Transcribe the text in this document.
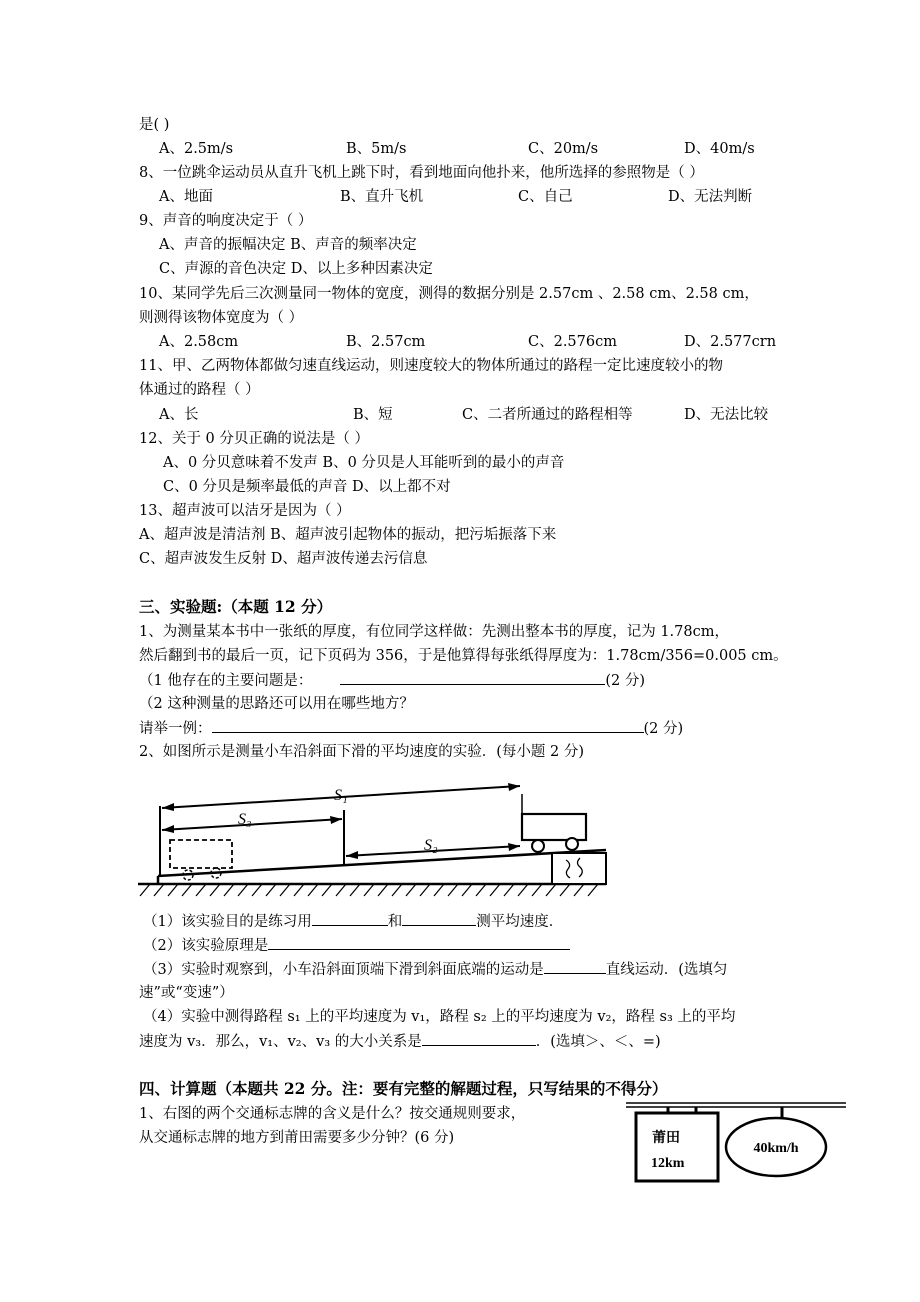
是( )
A、2.5m/s	B、5m/s	C、20m/s	D、40m/s
8、一位跳伞运动员从直升飞机上跳下时，看到地面向他扑来，他所选择的参照物是（ ）
A、地面	B、直升飞机	C、自己	D、无法判断
9、声音的响度决定于（ ）
A、声音的振幅决定 B、声音的频率决定
C、声源的音色决定 D、以上多种因素决定
10、某同学先后三次测量同一物体的宽度，测得的数据分别是 2.57cm 、2.58 cm、2.58 cm，
则测得该物体宽度为（ ）
A、2.58cm	B、2.57cm	C、2.576cm	D、2.577crn
11、甲、乙两物体都做匀速直线运动，则速度较大的物体所通过的路程一定比速度较小的物
体通过的路程（ ）
A、长	B、短	C、二者所通过的路程相等	D、无法比较
12、关于 0 分贝正确的说法是（ ）
A、0 分贝意味着不发声 B、0 分贝是人耳能听到的最小的声音
C、0 分贝是频率最低的声音 D、以上都不对
13、超声波可以洁牙是因为（ ）
A、超声波是清洁剂 B、超声波引起物体的振动，把污垢振落下来
C、超声波发生反射 D、超声波传递去污信息
三、实验题:（本题 12 分）
1、为测量某本书中一张纸的厚度，有位同学这样做：先测出整本书的厚度，记为 1.78cm，
然后翻到书的最后一页，记下页码为 356，于是他算得每张纸得厚度为：1.78cm/356=0.005 cm。
（1 他存在的主要问题是：	(2 分)
（2 这种测量的思路还可以用在哪些地方？
请举一例：	(2 分)
2、如图所示是测量小车沿斜面下滑的平均速度的实验．(每小题 2 分)
S₁
S₃
S₂
（1）该实验目的是练习用	和	测平均速度．
（2）该实验原理是
（3）实验时观察到，小车沿斜面顶端下滑到斜面底端的运动是	直线运动．(选填匀
速”或“变速”）
（4）实验中测得路程 s₁ 上的平均速度为 v₁，路程 s₂ 上的平均速度为 v₂，路程 s₃ 上的平均
速度为 v₃．那么，v₁、v₂、v₃ 的大小关系是	．(选填＞、＜、=)
四、计算题（本题共 22 分。注：要有完整的解题过程，只写结果的不得分）
1、右图的两个交通标志牌的含义是什么？按交通规则要求，
从交通标志牌的地方到莆田需要多少分钟？(6 分)	莆田
12km
40km/h
